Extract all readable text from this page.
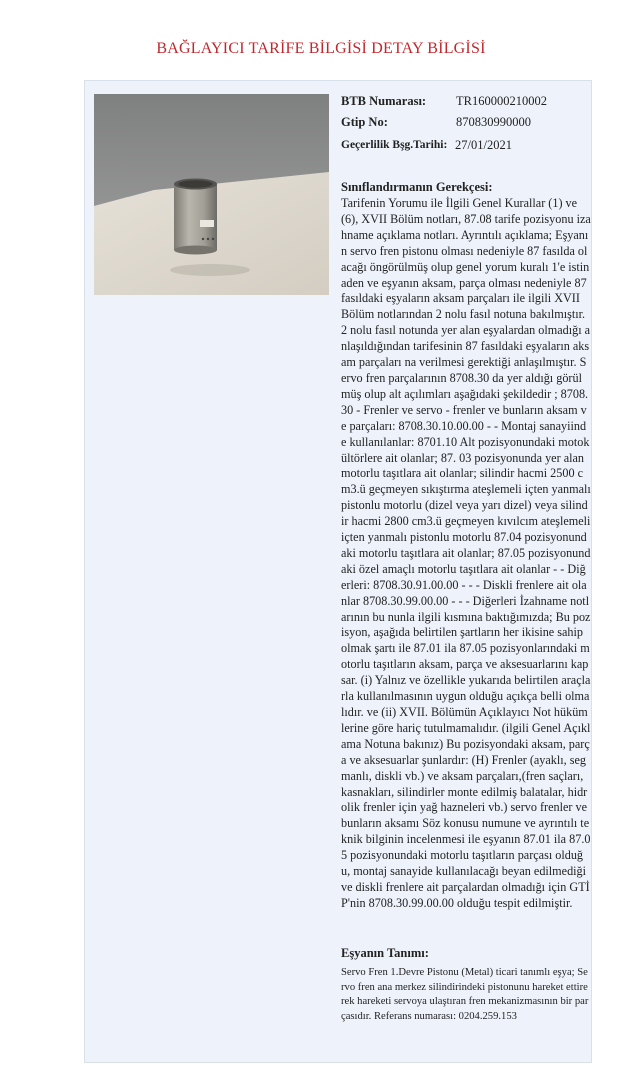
BAĞLAYICI TARİFE BİLGİSİ DETAY BİLGİSİ
BTB Numarası: TR160000210002
Gtip No:	870830990000
Geçerlilik Bşg.Tarihi: 27/01/2021
Sınıflandırmanın Gerekçesi:

Tarifenin Yorumu ile İlgili Genel Kurallar (1) ve (6), XVII Bölüm notları, 87.08 tarife pozisyonu izahname açıklama notları. Ayrıntılı açıklama; Eşyanın servo fren pistonu olması nedeniyle 87 fasılda olacağı öngörülmüş olup genel yorum kuralı 1'e istinaden ve eşyanın aksam, parça olması nedeniyle 87 fasıldaki eşyaların aksam parçaları ile ilgili XVII Bölüm notlarından 2 nolu fasıl notuna bakılmıştır. 2 nolu fasıl notunda yer alan eşyalardan olmadığı anlaşıldığından tarifesinin 87 fasıldaki eşyaların aksam parçaları na verilmesi gerektiği anlaşılmıştır. Servo fren parçalarının 8708.30 da yer aldığı görülmüş olup alt açılımları aşağıdaki şekildedir ; 8708.30 - Frenler ve servo - frenler ve bunların aksam ve parçaları: 8708.30.10.00.00 - - Montaj sanayiinde kullanılanlar: 8701.10 Alt pozisyonundaki motokültörlere ait olanlar; 87. 03 pozisyonunda yer alan motorlu taşıtlara ait olanlar; silindir hacmi 2500 cm3.ü geçmeyen sıkıştırma ateşlemeli içten yanmalı pistonlu motorlu (dizel veya yarı dizel) veya silindir hacmi 2800 cm3.ü geçmeyen kıvılcım ateşlemeli içten yanmalı pistonlu motorlu 87.04 pozisyonundaki motorlu taşıtlara ait olanlar; 87.05 pozisyonundaki özel amaçlı motorlu taşıtlara ait olanlar - - Diğerleri: 8708.30.91.00.00 - - - Diskli frenlere ait olanlar 8708.30.99.00.00 - - - Diğerleri İzahname notlarının bu nunla ilgili kısmına baktığımızda; Bu pozisyon, aşağıda belirtilen şartların her ikisine sahip olmak şartı ile 87.01 ila 87.05 pozisyonlarındaki motorlu taşıtların aksam, parça ve aksesuarlarını kapsar. (i) Yalnız ve özellikle yukarıda belirtilen araçlarla kullanılmasının uygun olduğu açıkça belli olmalıdır. ve (ii) XVII. Bölümün Açıklayıcı Not hükümlerine göre hariç tutulmamalıdır. (ilgili Genel Açıklama Notuna bakınız) Bu pozisyondaki aksam, parça ve aksesuarlar şunlardır: (H) Frenler (ayaklı, segmanlı, diskli vb.) ve aksam parçaları,(fren saçları, kasnakları, silindirler monte edilmiş balatalar, hidrolik frenler için yağ hazneleri vb.) servo frenler ve bunların aksamı Söz konusu numune ve ayrıntılı teknik bilginin incelenmesi ile eşyanın 87.01 ila 87.05 pozisyonundaki motorlu taşıtların parçası olduğu, montaj sanayide kullanılacağı beyan edilmediği ve diskli frenlere ait parçalardan olmadığı için GTİP'nin 8708.30.99.00.00 olduğu tespit edilmiştir.

Eşyanın Tanımı:

Servo Fren 1.Devre Pistonu (Metal) ticari tanımlı eşya; Servo fren ana merkez silindirindeki pistonunu hareket ettirerek hareketi servoya ulaştıran fren mekanizmasının bir parçasıdır. Referans numarası: 0204.259.153
